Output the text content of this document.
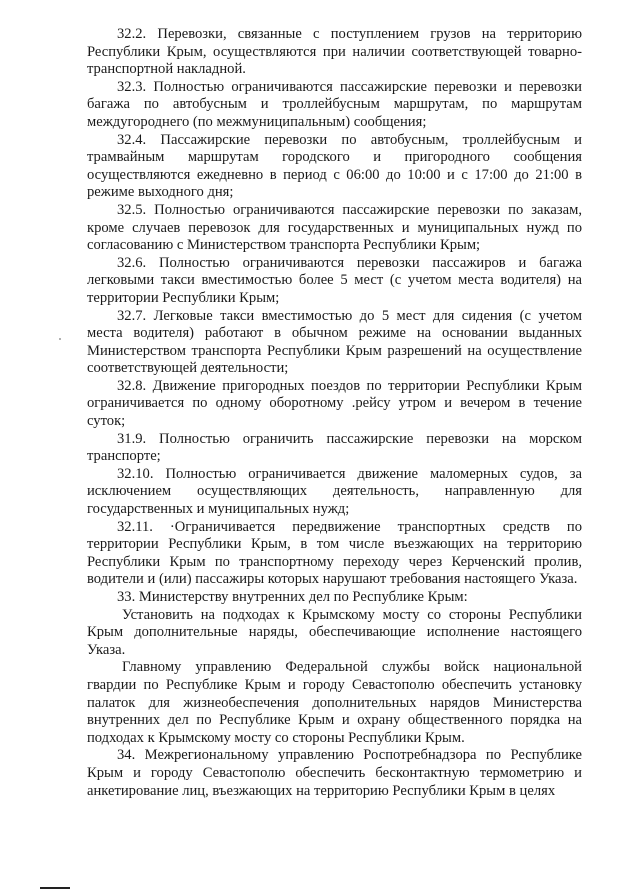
32.2. Перевозки, связанные с поступлением грузов на территорию Республики Крым, осуществляются при наличии соответствующей товарно-транспортной накладной.

32.3. Полностью ограничиваются пассажирские перевозки и перевозки багажа по автобусным и троллейбусным маршрутам, по маршрутам междугороднего (по межмуниципальным) сообщения;

32.4. Пассажирские перевозки по автобусным, троллейбусным и трамвайным маршрутам городского и пригородного сообщения осуществляются ежедневно в период с 06:00 до 10:00 и с 17:00 до 21:00 в режиме выходного дня;

32.5. Полностью ограничиваются пассажирские перевозки по заказам, кроме случаев перевозок для государственных и муниципальных нужд по согласованию с Министерством транспорта Республики Крым;

32.6. Полностью ограничиваются перевозки пассажиров и багажа легковыми такси вместимостью более 5 мест (с учетом места водителя) на территории Республики Крым;

32.7. Легковые такси вместимостью до 5 мест для сидения (с учетом места водителя) работают в обычном режиме на основании выданных Министерством транспорта Республики Крым разрешений на осуществление соответствующей деятельности;

32.8. Движение пригородных поездов по территории Республики Крым ограничивается по одному оборотному .рейсу утром и вечером в течение суток;

31.9. Полностью ограничить пассажирские перевозки на морском транспорте;

32.10. Полностью ограничивается движение маломерных судов, за исключением осуществляющих деятельность, направленную для государственных и муниципальных нужд;

32.11. ·Ограничивается передвижение транспортных средств по территории Республики Крым, в том числе въезжающих на территорию Республики Крым по транспортному переходу через Керченский пролив, водители и (или) пассажиры которых нарушают требования настоящего Указа.

33. Министерству внутренних дел по Республике Крым:

Установить на подходах к Крымскому мосту со стороны Республики Крым дополнительные наряды, обеспечивающие исполнение настоящего Указа.

Главному управлению Федеральной службы войск национальной гвардии по Республике Крым и городу Севастополю обеспечить установку палаток для жизнеобеспечения дополнительных нарядов Министерства внутренних дел по Республике Крым и охрану общественного порядка на подходах к Крымскому мосту со стороны Республики Крым.

34. Межрегиональному управлению Роспотребнадзора по Республике Крым и городу Севастополю обеспечить бесконтактную термометрию и анкетирование лиц, въезжающих на территорию Республики Крым в целях
